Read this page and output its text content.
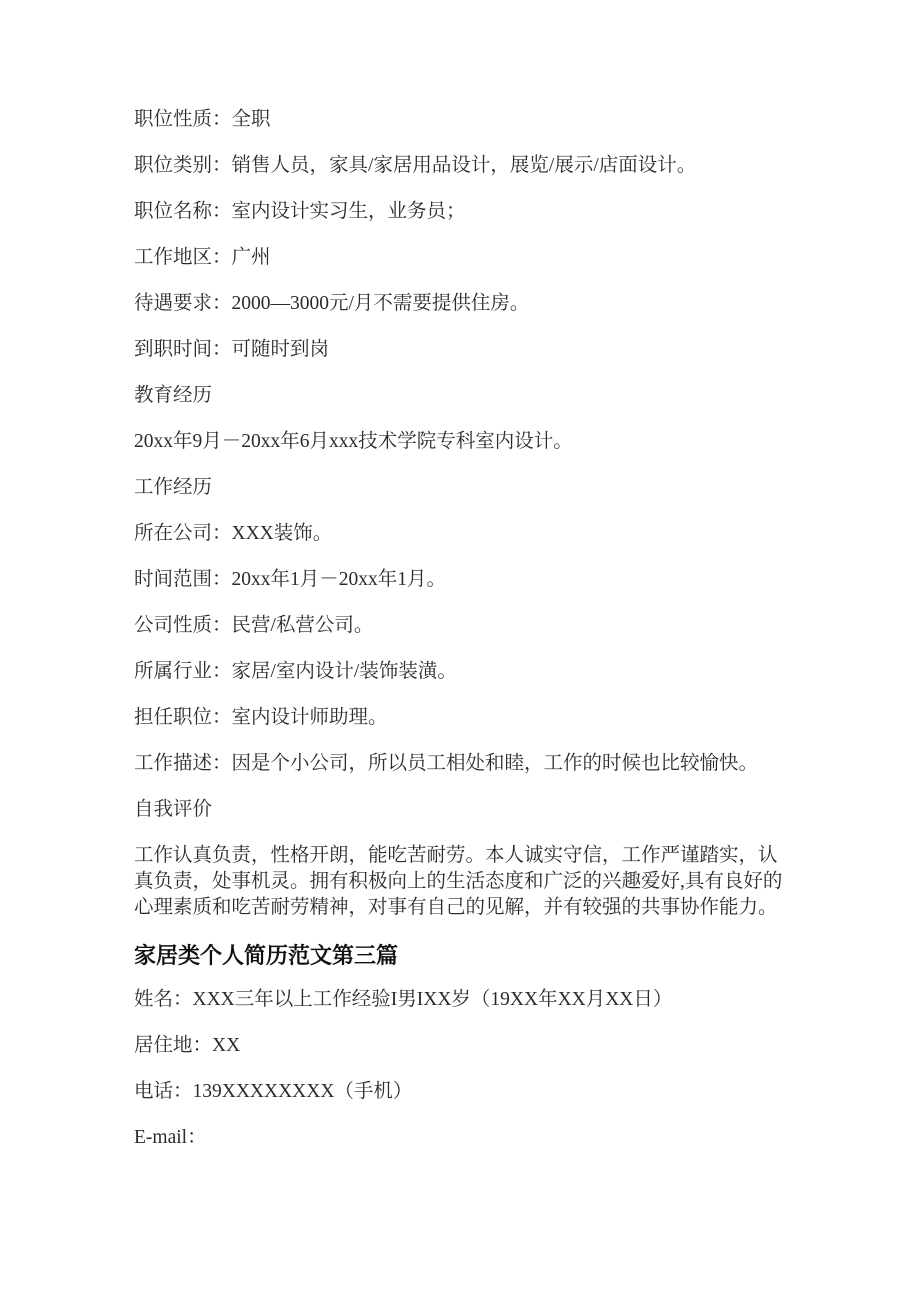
职位性质：全职

职位类别：销售人员，家具/家居用品设计，展览/展示/店面设计。

职位名称：室内设计实习生，业务员；

工作地区：广州

待遇要求：2000—3000元/月不需要提供住房。

到职时间：可随时到岗

教育经历

20xx年9月－20xx年6月xxx技术学院专科室内设计。

工作经历

所在公司：XXX装饰。

时间范围：20xx年1月－20xx年1月。

公司性质：民营/私营公司。

所属行业：家居/室内设计/装饰装潢。

担任职位：室内设计师助理。

工作描述：因是个小公司，所以员工相处和睦，工作的时候也比较愉快。

自我评价

工作认真负责，性格开朗，能吃苦耐劳。本人诚实守信，工作严谨踏实，认真负责，处事机灵。拥有积极向上的生活态度和广泛的兴趣爱好,具有良好的心理素质和吃苦耐劳精神，对事有自己的见解，并有较强的共事协作能力。

家居类个人简历范文第三篇

姓名：XXX三年以上工作经验I男IXX岁（19XX年XX月XX日）

居住地：XX

电话：139XXXXXXXX（手机）

E-mail：
